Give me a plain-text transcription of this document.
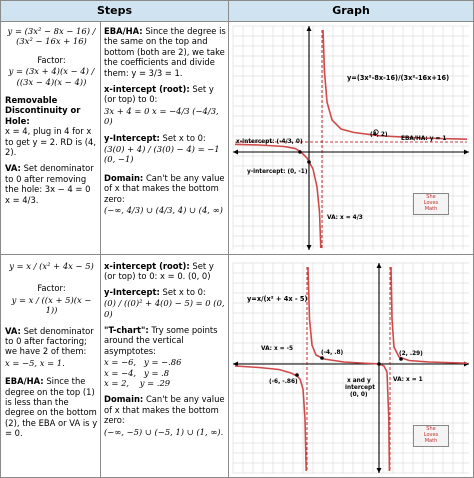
Steps	Graph

y = (3x² − 8x − 16) / (3x² − 16x + 16)

Factor:

y = (3x + 4)(x − 4) / ((3x − 4)(x − 4))

Removable Discontinuity or Hole:

x = 4, plug in 4 for x to get y = 2. RD is (4, 2).

VA: Set denominator to 0 after removing the hole: 3x − 4 = 0 x = 4/3.

EBA/HA: Since the degree is the same on the top and bottom (both are 2), we take the coefficients and divide them: y = 3/3 = 1.

x-intercept (root): Set y (or top) to 0:

3x + 4 = 0 x = −4/3 (−4/3, 0)

y-Intercept: Set x to 0:

(3(0) + 4) / (3(0) − 4) = −1 (0, −1)

Domain: Can't be any value of x that makes the bottom zero:

(−∞, 4/3) ∪ (4/3, 4) ∪ (4, ∞)

y=(3x²-8x-16)/(3x²-16x+16)
x-intercept: (-4/3, 0)
(4, 2)
EBA/HA: y = 1
y-intercept: (0, -1)
VA: x = 4/3
She
Loves
Math

y = x / (x² + 4x − 5)

Factor:

y = x / ((x + 5)(x − 1))

VA: Set denominator to 0 after factoring; we have 2 of them:

x = −5, x = 1.

EBA/HA: Since the degree on the top (1) is less than the degree on the bottom (2), the EBA or VA is y = 0.

x-intercept (root): Set y (or top) to 0: x = 0. (0, 0)

y-Intercept: Set x to 0:

(0) / ((0)² + 4(0) − 5) = 0 (0, 0)

"T-chart": Try some points around the vertical asymptotes:

x = −6,   y = −.86

x = −4,   y = .8

x = 2,    y = .29

Domain: Can't be any value of x that makes the bottom zero:

(−∞, −5) ∪ (−5, 1) ∪ (1, ∞).

y=x/(x² + 4x - 5)
VA: x = -5
(-4, .8)	(2, .29)
(-6, -.86)	x and y
intercept
(0, 0)
VA: x = 1
She
Loves
Math
